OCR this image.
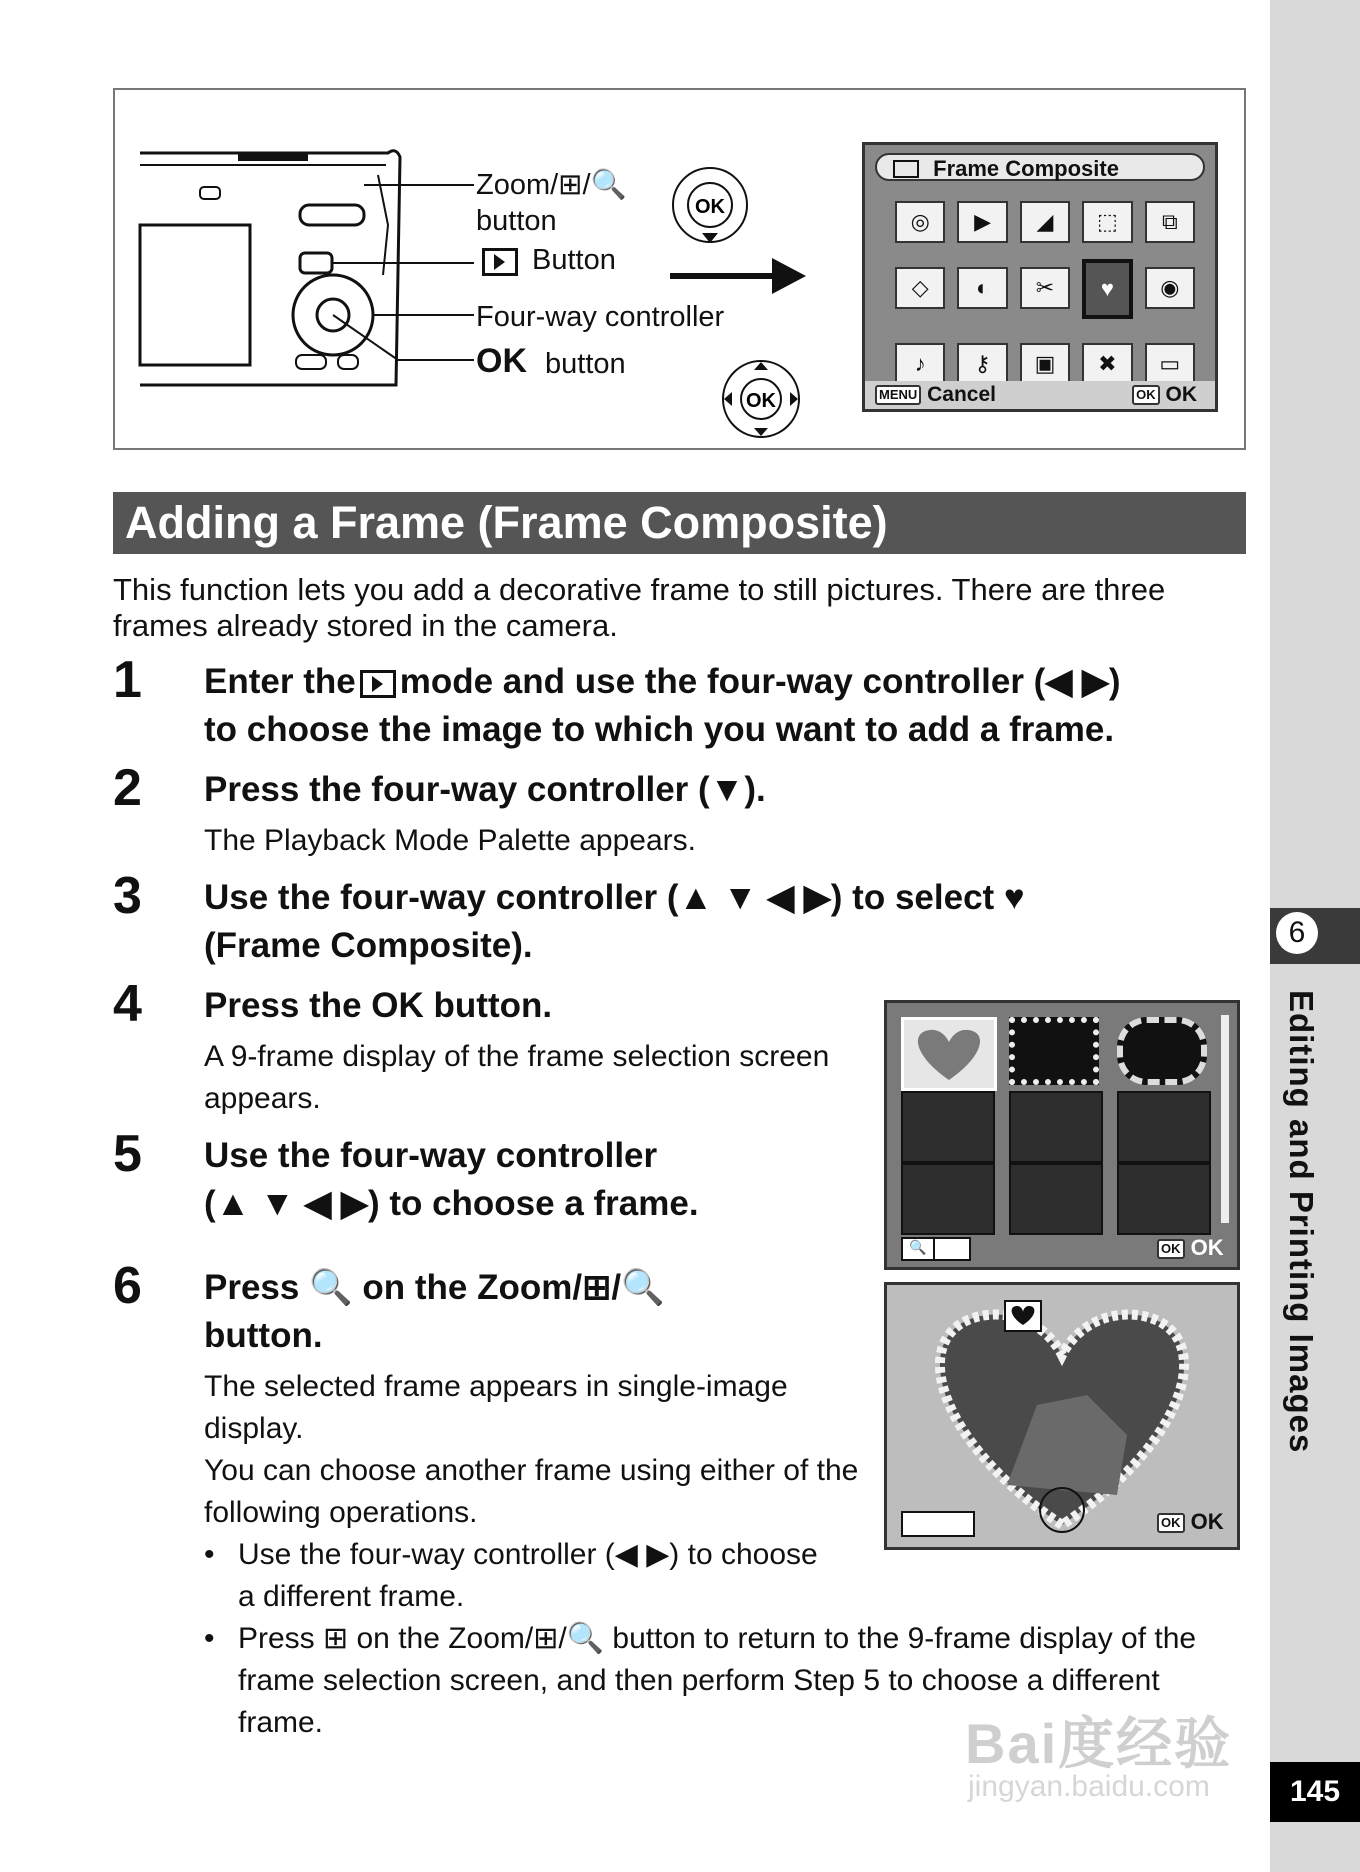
6
Editing and Printing Images
145
Zoom/⊞/🔍
button
Button
Four-way controller
OK button
OK
OK
Frame Composite
◎	▶	◢	⬚	⧉
◇	◐	✂	♥	◉
♪	⚷	▣	✖	▭
MENU Cancel	OK OK
Adding a Frame (Frame Composite)
This function lets you add a decorative frame to still pictures. There are three frames already stored in the camera.
1 Enter the mode and use the four-way controller (◀ ▶)
to choose the image to which you want to add a frame.
2 Press the four-way controller (▼).
The Playback Mode Palette appears.
3 Use the four-way controller (▲ ▼ ◀ ▶) to select ♥
(Frame Composite).
4 Press the OK button.
A 9-frame display of the frame selection screen appears.
5 Use the four-way controller
(▲ ▼ ◀ ▶) to choose a frame.
6 Press 🔍 on the Zoom/⊞/🔍
button.
The selected frame appears in single-image display.
You can choose another frame using either of the following operations.
• Use the four-way controller (◀ ▶) to choose a different frame.
• Press ⊞ on the Zoom/⊞/🔍 button to return to the 9-frame display of the frame selection screen, and then perform Step 5 to choose a different frame.
🔍	OK OK
OK OK
Bai度经验
jingyan.baidu.com
